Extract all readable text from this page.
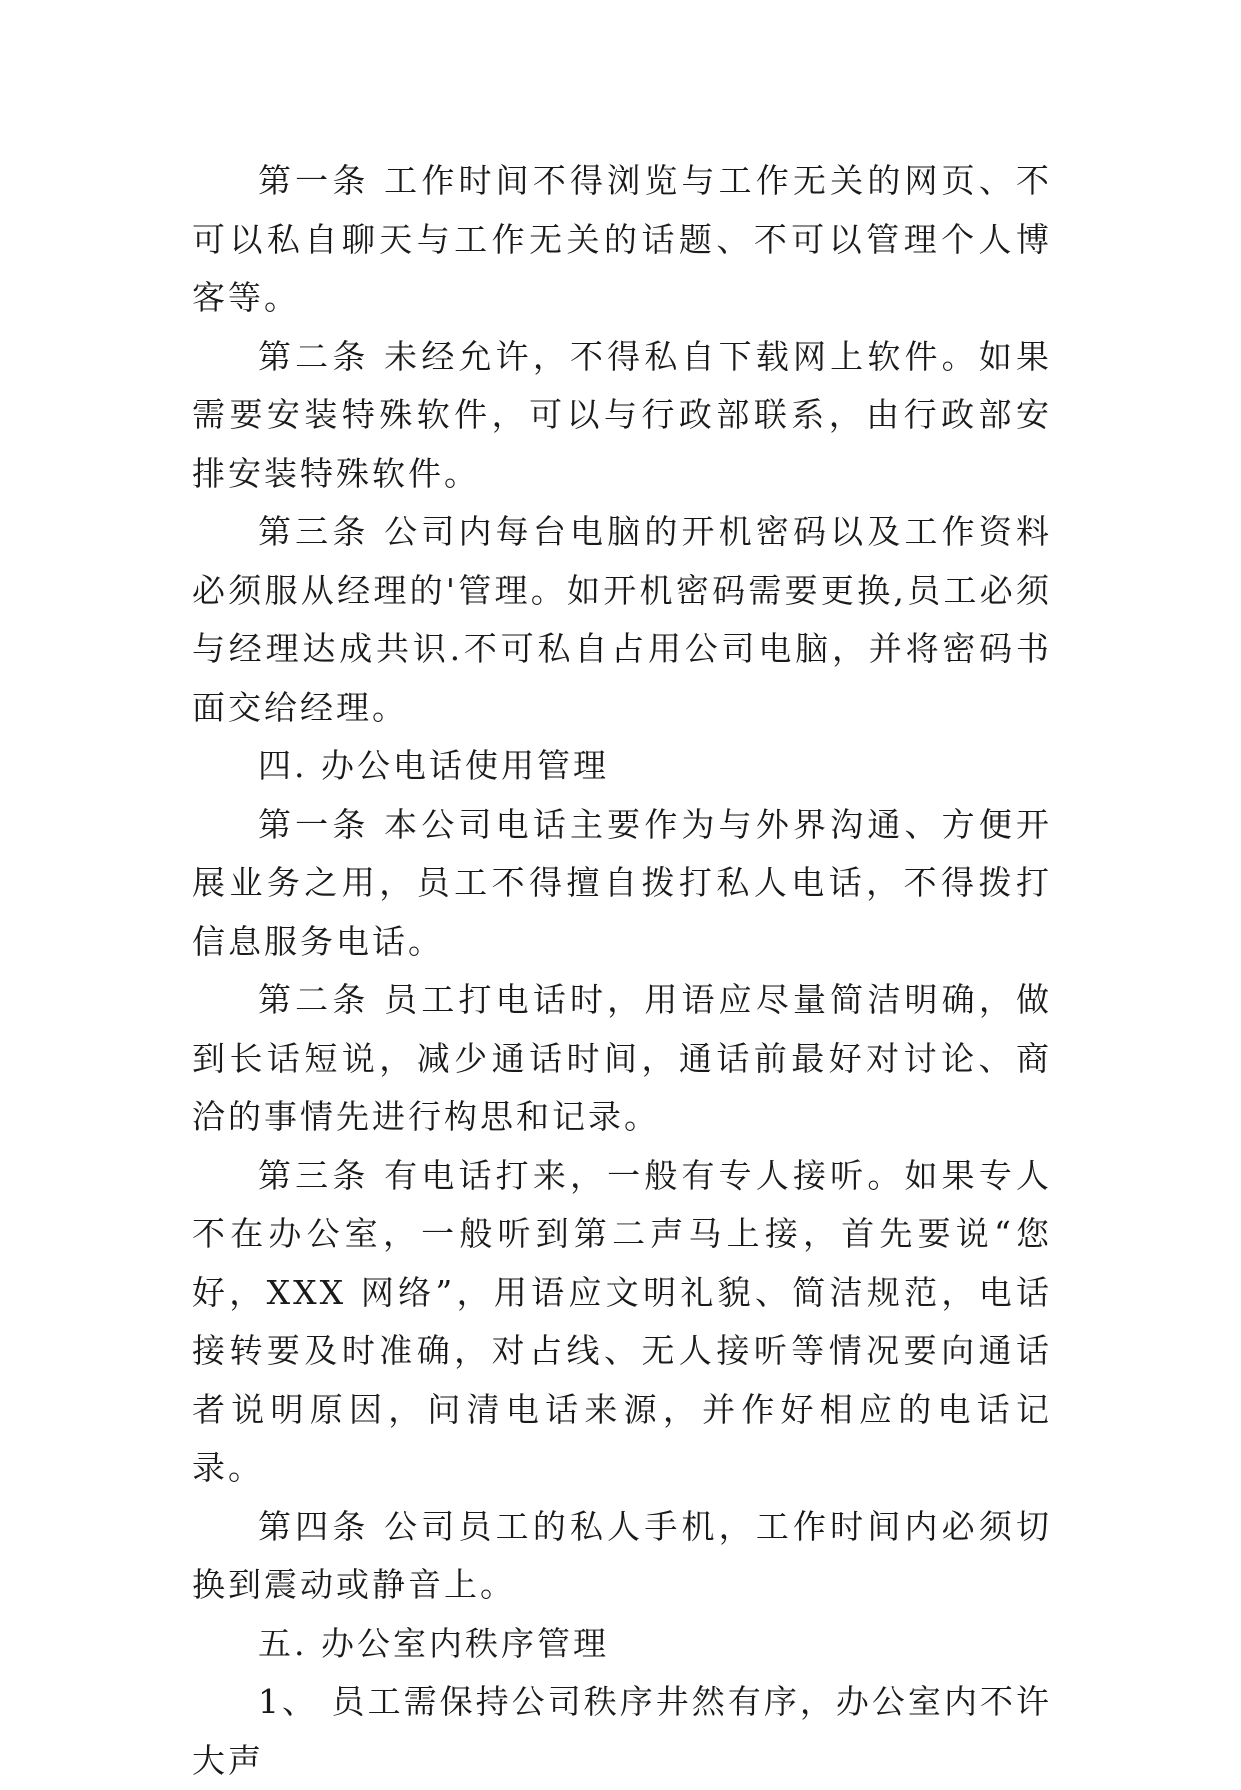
第一条 工作时间不得浏览与工作无关的网页、不可以私自聊天与工作无关的话题、不可以管理个人博客等。

第二条 未经允许，不得私自下载网上软件。如果需要安装特殊软件，可以与行政部联系，由行政部安排安装特殊软件。

第三条 公司内每台电脑的开机密码以及工作资料必须服从经理的'管理。如开机密码需要更换,员工必须与经理达成共识.不可私自占用公司电脑，并将密码书面交给经理。

四. 办公电话使用管理

第一条 本公司电话主要作为与外界沟通、方便开展业务之用，员工不得擅自拨打私人电话，不得拨打信息服务电话。

第二条 员工打电话时，用语应尽量简洁明确，做到长话短说，减少通话时间，通话前最好对讨论、商洽的事情先进行构思和记录。

第三条 有电话打来，一般有专人接听。如果专人不在办公室，一般听到第二声马上接，首先要说“您好，XXX 网络”，用语应文明礼貌、简洁规范，电话接转要及时准确，对占线、无人接听等情况要向通话者说明原因，问清电话来源，并作好相应的电话记录。

第四条 公司员工的私人手机，工作时间内必须切换到震动或静音上。

五. 办公室内秩序管理

1、 员工需保持公司秩序井然有序，办公室内不许大声
